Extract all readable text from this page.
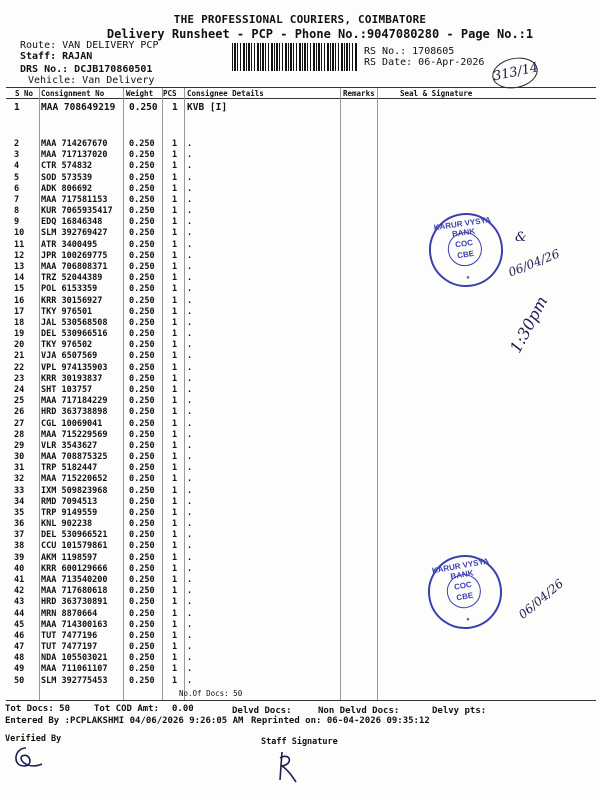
THE PROFESSIONAL COURIERS, COIMBATORE
Delivery Runsheet - PCP - Phone No.:9047080280 - Page No.:1
Route: VAN DELIVERY PCP
Staff: RAJAN
DRS No.: DCJB170860501
Vehicle: Van Delivery
RS No.: 1708605
RS Date: 06-Apr-2026 313/14
S No Consignment No	Weight PCS Consignee Details	Remarks	Seal & Signature
1 MAA 708649219 0.250 1 KVB [I]
2	MAA 714267670	0.250 1 .
3	MAA 717137020	0.250 1 .
4	CTR 574832	0.250 1 .
5	SOD 573539	0.250 1 .
6	ADK 806692	0.250 1 .
7	MAA 717581153	0.250 1 .
8	KUR 7065935417 0.250 1 .
9	EDQ 16846348	0.250 1 .
10 SLM 392769427	0.250 1 .
11 ATR 3400495	0.250 1 .
12 JPR 100269775	0.250 1 .
13 MAA 706808371	0.250 1 .
14 TRZ 52044389	0.250 1 .
15 POL 6153359	0.250 1 .
16 KRR 30156927	0.250 1 .
17 TKY 976501	0.250 1 .
18 JAL 530568508	0.250 1 .
19 DEL 530966516	0.250 1 .
20 TKY 976502	0.250 1 .
21 VJA 6507569	0.250 1 .
22 VPL 974135903	0.250 1 .
23 KRR 30193837	0.250 1 .
24 SHT 103757	0.250 1 .
25 MAA 717184229	0.250 1 .
26 HRD 363738898	0.250 1 .
27 CGL 10069041	0.250 1 .
28 MAA 715229569	0.250 1 .
29 VLR 3543627	0.250 1 .
30 MAA 708875325	0.250 1 .
31 TRP 5182447	0.250 1 .
32 MAA 715220652	0.250 1 .
33 IXM 509823968	0.250 1 .
34 RMD 7094513	0.250 1 .
35 TRP 9149559	0.250 1 .
36 KNL 902238	0.250 1 .
37 DEL 530966521	0.250 1 .
38 CCU 101579861	0.250 1 .
39 AKM 1198597	0.250 1 .
40 KRR 600129666	0.250 1 .
41 MAA 713540200	0.250 1 .
42 MAA 717680618	0.250 1 .
43 HRD 363730891	0.250 1 .
44 MRN 8870664	0.250 1 .
45 MAA 714300163	0.250 1 .
46 TUT 7477196	0.250 1 .
47 TUT 7477197	0.250 1 .
48 NDA 105503021	0.250 1 .
49 MAA 711061107	0.250 1 .
50 SLM 392775453	0.250 1 .
No.Of Docs: 50
KARUR VYSYA BANK
COC
CBE
★	06/04/26
&
1:30pm
KARUR VYSYA BANK
COC
CBE
★	06/04/26
Tot Docs: 50	Tot COD Amt: 0.00	Delvd Docs:	Non Delvd Docs:	Delvy pts:
Entered By :PCPLAKSHMI 04/06/2026 9:26:05 AM Reprinted on: 06-04-2026 09:35:12
Verified By	Staff Signature
